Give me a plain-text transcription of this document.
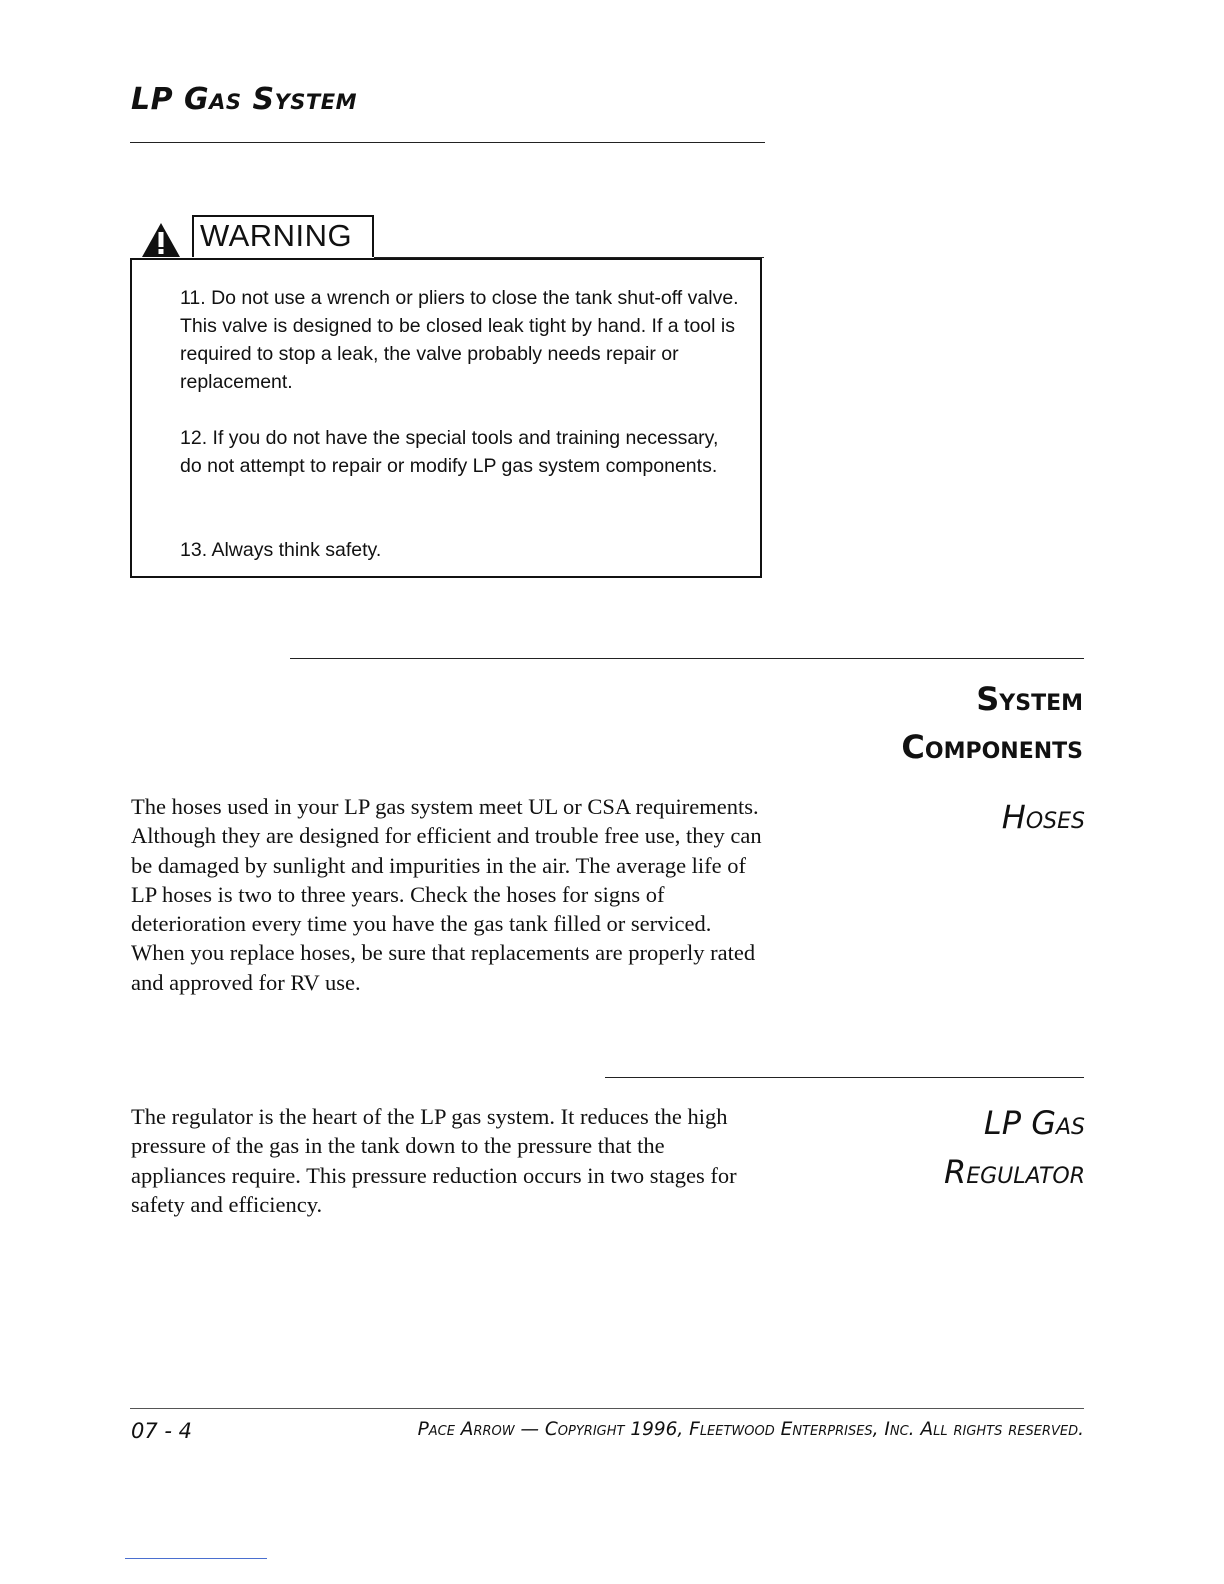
LP Gas System
WARNING
11. Do not use a wrench or pliers to close the tank shut-off valve. This valve is designed to be closed leak tight by hand. If a tool is required to stop a leak, the valve probably needs repair or replacement.
12. If you do not have the special tools and training necessary, do not attempt to repair or modify LP gas system components.
13. Always think safety.
System
Components
Hoses
The hoses used in your LP gas system meet UL or CSA requirements. Although they are designed for efficient and trouble free use, they can be damaged by sunlight and impurities in the air. The average life of LP hoses is two to three years. Check the hoses for signs of deterioration every time you have the gas tank filled or serviced. When you replace hoses, be sure that replacements are properly rated and approved for RV use.
LP Gas
Regulator
The regulator is the heart of the LP gas system. It reduces the high pressure of the gas in the tank down to the pressure that the appliances require. This pressure reduction occurs in two stages for safety and efficiency.
07 - 4	Pace Arrow — Copyright 1996, Fleetwood Enterprises, Inc. All rights reserved.
